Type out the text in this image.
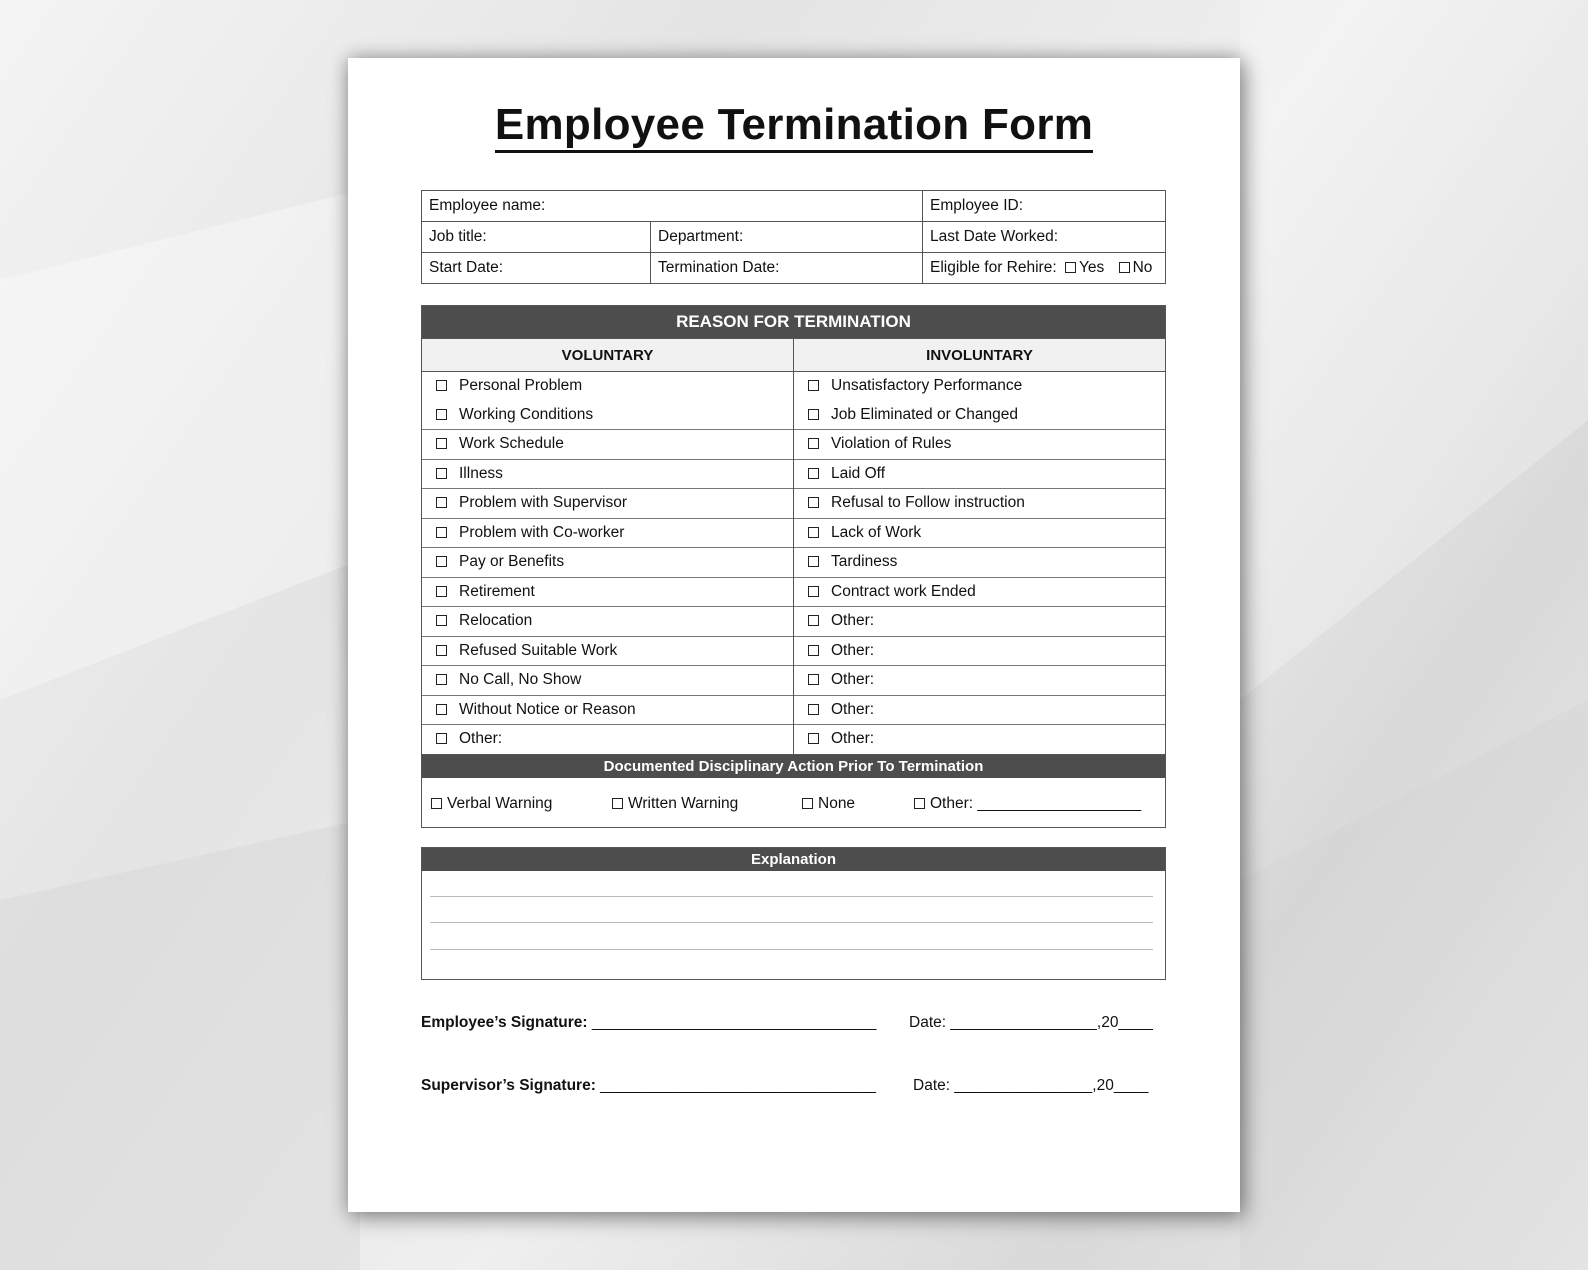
Employee Termination Form
Employee name:		Employee ID:
Job title:	Department:	Last Date Worked:
Start Date:	Termination Date:	Eligible for Rehire: Yes No
REASON FOR TERMINATION
VOLUNTARY	INVOLUNTARY
Personal Problem	Unsatisfactory Performance
Working Conditions	Job Eliminated or Changed
Work Schedule	Violation of Rules
Illness	Laid Off
Problem with Supervisor	Refusal to Follow instruction
Problem with Co-worker	Lack of Work
Pay or Benefits	Tardiness
Retirement	Contract work Ended
Relocation	Other:
Refused Suitable Work	Other:
No Call, No Show	Other:
Without Notice or Reason	Other:
Other:	Other:
Documented Disciplinary Action Prior To Termination
Verbal Warning	Written Warning	None	Other: ___________________
Explanation
Employee’s Signature: _________________________________ Date: _________________,20____
Supervisor’s Signature: ________________________________ Date: ________________,20____
